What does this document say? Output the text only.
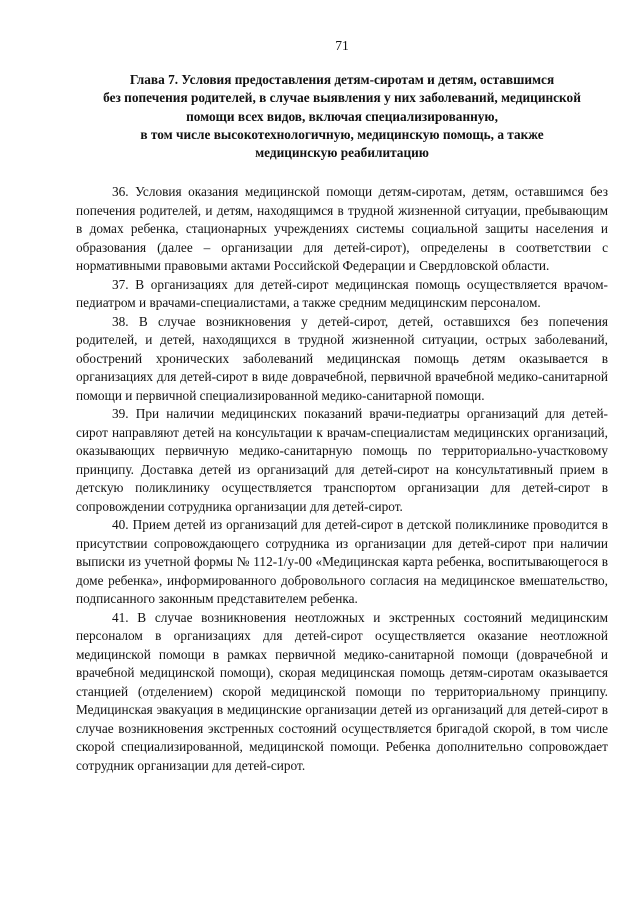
71
Глава 7. Условия предоставления детям-сиротам и детям, оставшимся
без попечения родителей, в случае выявления у них заболеваний, медицинской
помощи всех видов, включая специализированную,
в том числе высокотехнологичную, медицинскую помощь, а также
медицинскую реабилитацию

36. Условия оказания медицинской помощи детям-сиротам, детям, оставшимся без попечения родителей, и детям, находящимся в трудной жизненной ситуации, пребывающим в домах ребенка, стационарных учреждениях системы социальной защиты населения и образования (далее – организации для детей-сирот), определены в соответствии с нормативными правовыми актами Российской Федерации и Свердловской области.

37. В организациях для детей-сирот медицинская помощь осуществляется врачом-педиатром и врачами-специалистами, а также средним медицинским персоналом.

38. В случае возникновения у детей-сирот, детей, оставшихся без попечения родителей, и детей, находящихся в трудной жизненной ситуации, острых заболеваний, обострений хронических заболеваний медицинская помощь детям оказывается в организациях для детей-сирот в виде доврачебной, первичной врачебной медико-санитарной помощи и первичной специализированной медико-санитарной помощи.

39. При наличии медицинских показаний врачи-педиатры организаций для детей-сирот направляют детей на консультации к врачам-специалистам медицинских организаций, оказывающих первичную медико-санитарную помощь по территориально-участковому принципу. Доставка детей из организаций для детей-сирот на консультативный прием в детскую поликлинику осуществляется транспортом организации для детей-сирот в сопровождении сотрудника организации для детей-сирот.

40. Прием детей из организаций для детей-сирот в детской поликлинике проводится в присутствии сопровождающего сотрудника из организации для детей-сирот при наличии выписки из учетной формы № 112-1/у-00 «Медицинская карта ребенка, воспитывающегося в доме ребенка», информированного добровольного согласия на медицинское вмешательство, подписанного законным представителем ребенка.

41. В случае возникновения неотложных и экстренных состояний медицинским персоналом в организациях для детей-сирот осуществляется оказание неотложной медицинской помощи в рамках первичной медико-санитарной помощи (доврачебной и врачебной медицинской помощи), скорая медицинская помощь детям-сиротам оказывается станцией (отделением) скорой медицинской помощи по территориальному принципу. Медицинская эвакуация в медицинские организации детей из организаций для детей-сирот в случае возникновения экстренных состояний осуществляется бригадой скорой, в том числе скорой специализированной, медицинской помощи. Ребенка дополнительно сопровождает сотрудник организации для детей-сирот.
